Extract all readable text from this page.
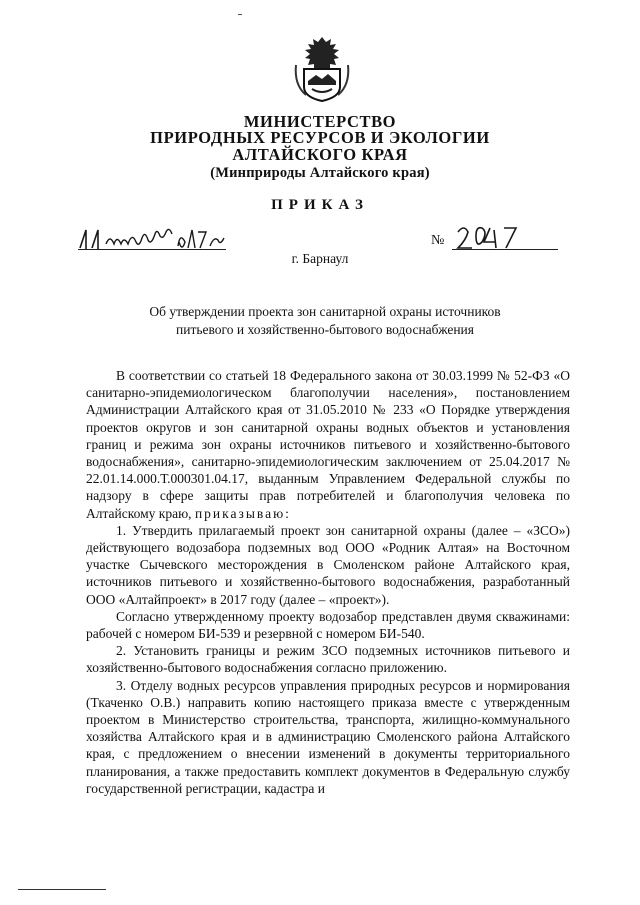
МИНИСТЕРСТВО
ПРИРОДНЫХ РЕСУРСОВ И ЭКОЛОГИИ
АЛТАЙСКОГО КРАЯ
(Минприроды Алтайского края)
ПРИКАЗ
№
г. Барнаул
Об утверждении проекта зон санитарной охраны источников
питьевого и хозяйственно-бытового водоснабжения

В соответствии со статьей 18 Федерального закона от 30.03.1999 № 52-ФЗ «О санитарно-эпидемиологическом благополучии населения», постановлением Администрации Алтайского края от 31.05.2010 № 233 «О Порядке утверждения проектов округов и зон санитарной охраны водных объектов и установления границ и режима зон охраны источников питьевого и хозяйственно-бытового водоснабжения», санитарно-эпидемиологическим заключением от 25.04.2017 № 22.01.14.000.Т.000301.04.17, выданным Управлением Федеральной службы по надзору в сфере защиты прав потребителей и благополучия человека по Алтайскому краю, приказываю:

1. Утвердить прилагаемый проект зон санитарной охраны (далее – «ЗСО») действующего водозабора подземных вод ООО «Родник Алтая» на Восточном участке Сычевского месторождения в Смоленском районе Алтайского края, источников питьевого и хозяйственно-бытового водоснабжения, разработанный ООО «Алтайпроект» в 2017 году (далее – «проект»).

Согласно утвержденному проекту водозабор представлен двумя скважинами: рабочей с номером БИ-539 и резервной с номером БИ-540.

2. Установить границы и режим ЗСО подземных источников питьевого и хозяйственно-бытового водоснабжения согласно приложению.

3. Отделу водных ресурсов управления природных ресурсов и нормирования (Ткаченко О.В.) направить копию настоящего приказа вместе с утвержденным проектом в Министерство строительства, транспорта, жилищно-коммунального хозяйства Алтайского края и в администрацию Смоленского района Алтайского края, с предложением о внесении изменений в документы территориального планирования, а также предоставить комплект документов в Федеральную службу государственной регистрации, кадастра и
